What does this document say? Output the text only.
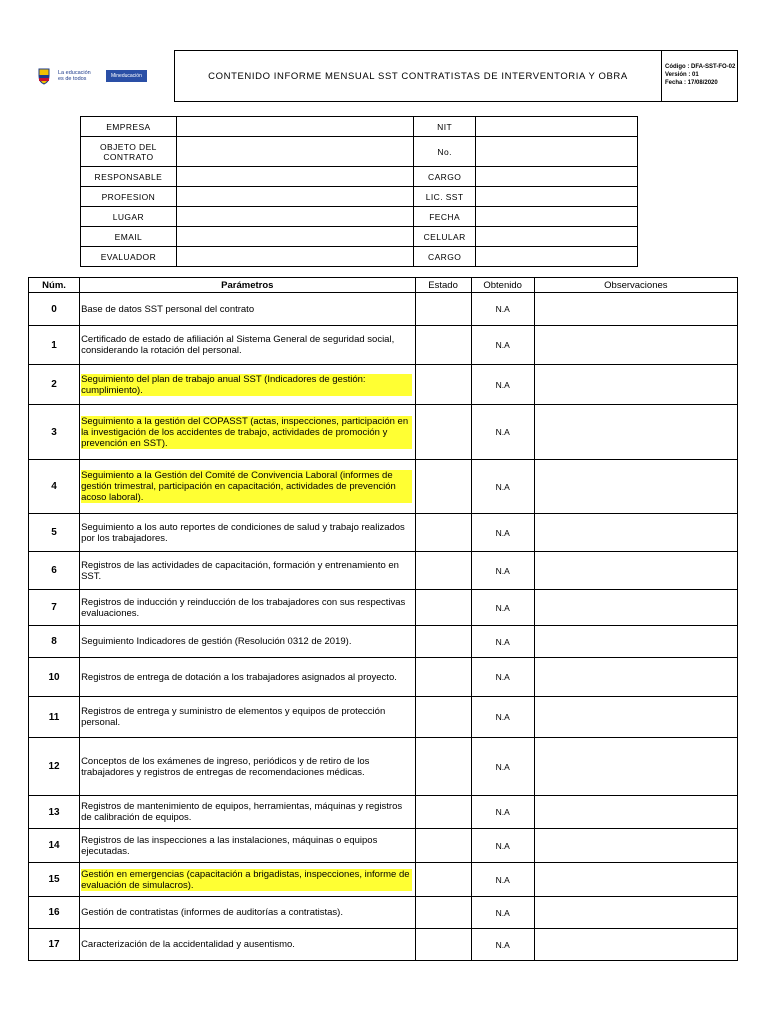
La educación
es de todos	Mineducación	CONTENIDO INFORME MENSUAL SST CONTRATISTAS DE INTERVENTORIA Y OBRA
Código : DFA-SST-FO-02
Versión : 01
Fecha : 17/08/2020
EMPRESA		NIT	
OBJETO DEL CONTRATO		No.	
RESPONSABLE		CARGO	
PROFESION		LIC. SST	
LUGAR		FECHA	
EMAIL		CELULAR	
EVALUADOR		CARGO	
Núm.	Parámetros	Estado	Obtenido	Observaciones
0	Base de datos SST personal del contrato		N.A	
1	Certificado de estado de afiliación al Sistema General de seguridad social, considerando la rotación del personal.		N.A	
2	Seguimiento del plan de trabajo anual SST (Indicadores de gestión: cumplimiento).		N.A	
3	Seguimiento a la gestión del COPASST (actas, inspecciones, participación en la investigación de los accidentes de trabajo, actividades de promoción y prevención en SST).		N.A	
4	Seguimiento a la Gestión del Comité de Convivencia Laboral (informes de gestión trimestral, participación en capacitación, actividades de prevención acoso laboral).		N.A	
5	Seguimiento a los auto reportes de condiciones de salud y trabajo realizados por los trabajadores.		N.A	
6	Registros de las actividades de capacitación, formación y entrenamiento en SST.		N.A	
7	Registros de inducción y reinducción de los trabajadores con sus respectivas evaluaciones.		N.A	
8	Seguimiento Indicadores de gestión (Resolución 0312 de 2019).		N.A	
10	Registros de entrega de dotación a los trabajadores asignados al proyecto.		N.A	
11	Registros de entrega y suministro de elementos y equipos de protección personal.		N.A	
12	Conceptos de los exámenes de ingreso, periódicos y de retiro de los trabajadores y registros de entregas de recomendaciones médicas.		N.A	
13	Registros de mantenimiento de equipos, herramientas, máquinas y registros de calibración de equipos.		N.A	
14	Registros de las inspecciones a las instalaciones, máquinas o equipos ejecutadas.		N.A	
15	Gestión en emergencias (capacitación a brigadistas, inspecciones, informe de evaluación de simulacros).		N.A	
16	Gestión de contratistas (informes de auditorías a contratistas).		N.A	
17	Caracterización de la accidentalidad y ausentismo.		N.A	
